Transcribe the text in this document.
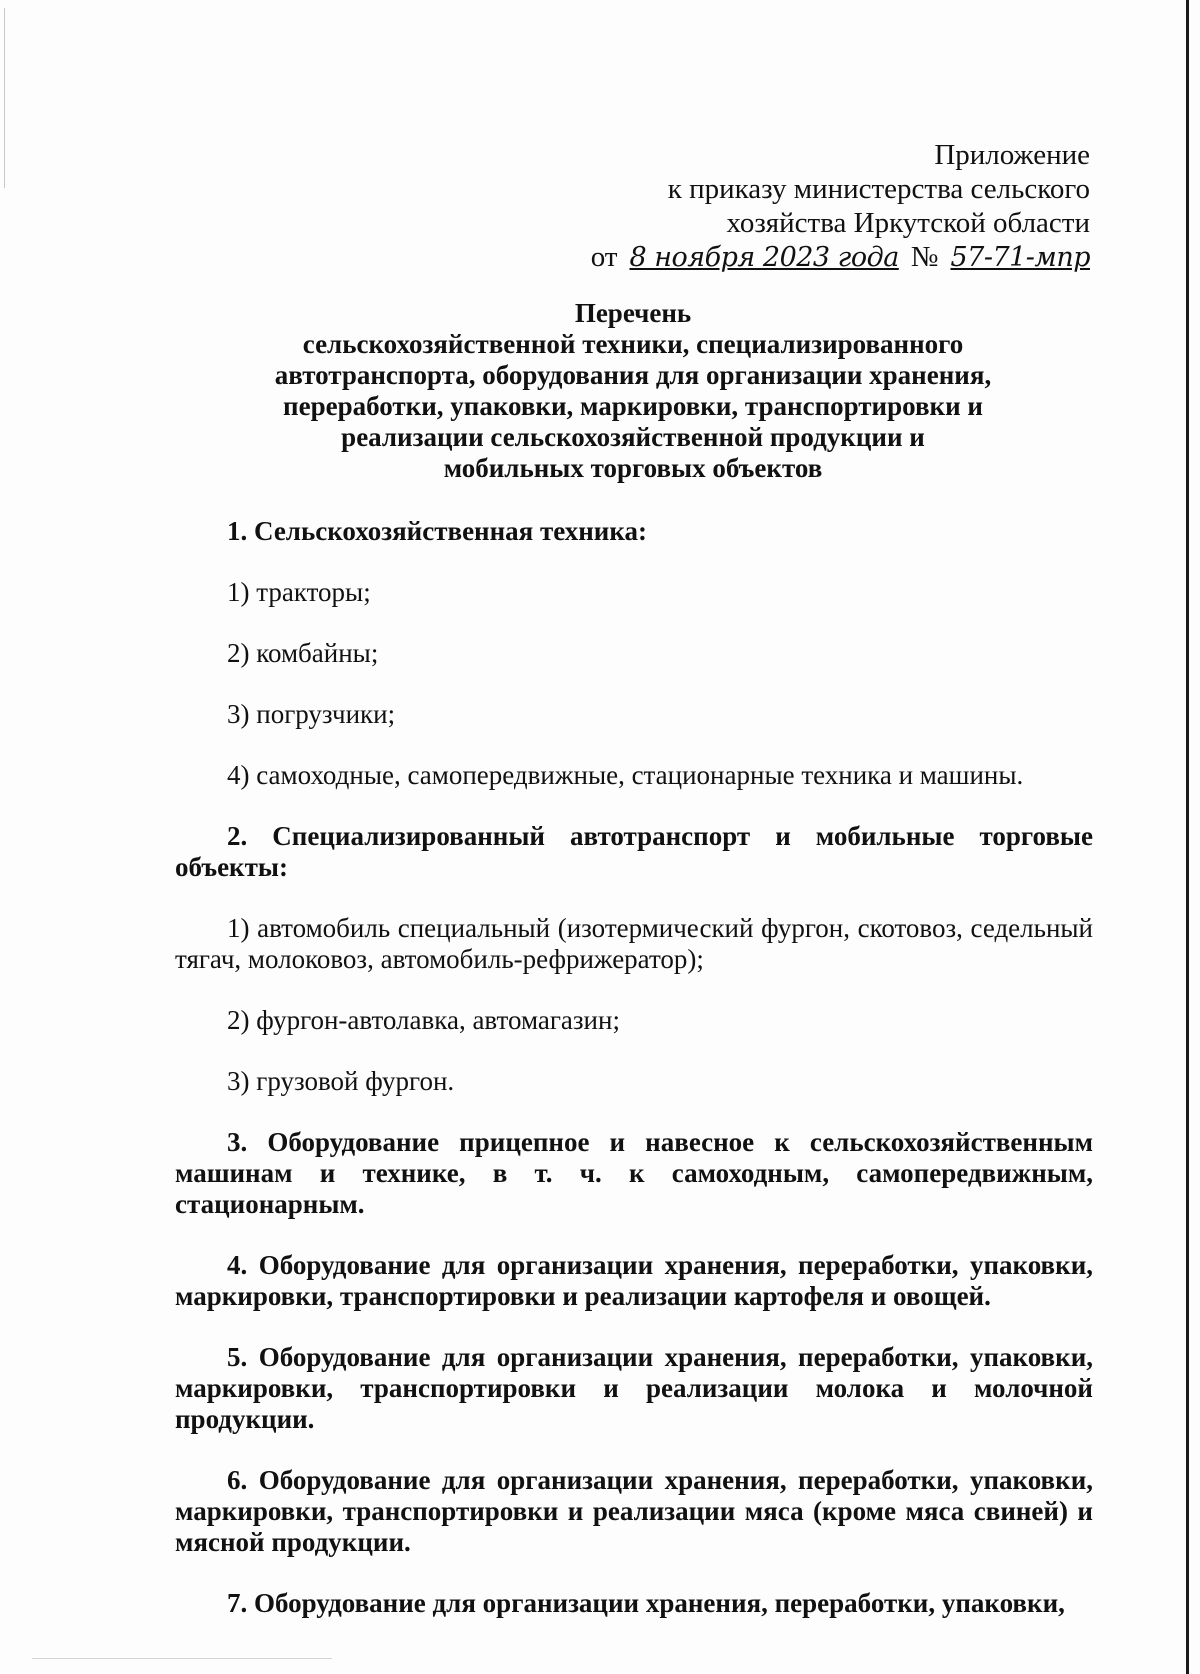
Приложение
к приказу министерства сельского
хозяйства Иркутской области
от 8 ноября 2023 года № 57-71-мпр
Перечень
сельскохозяйственной техники, специализированного
автотранспорта, оборудования для организации хранения,
переработки, упаковки, маркировки, транспортировки и
реализации сельскохозяйственной продукции и
мобильных торговых объектов

1. Сельскохозяйственная техника:

1) тракторы;

2) комбайны;

3) погрузчики;

4) самоходные, самопередвижные, стационарные техника и машины.

2. Специализированный автотранспорт и мобильные торговые объекты:

1) автомобиль специальный (изотермический фургон, скотовоз, седельный тягач, молоковоз, автомобиль-рефрижератор);

2) фургон-автолавка, автомагазин;

3) грузовой фургон.

3. Оборудование прицепное и навесное к сельскохозяйственным машинам и технике, в т. ч. к самоходным, самопередвижным, стационарным.

4. Оборудование для организации хранения, переработки, упаковки, маркировки, транспортировки и реализации картофеля и овощей.

5. Оборудование для организации хранения, переработки, упаковки, маркировки, транспортировки и реализации молока и молочной продукции.

6. Оборудование для организации хранения, переработки, упаковки, маркировки, транспортировки и реализации мяса (кроме мяса свиней) и мясной продукции.

7. Оборудование для организации хранения, переработки, упаковки,
